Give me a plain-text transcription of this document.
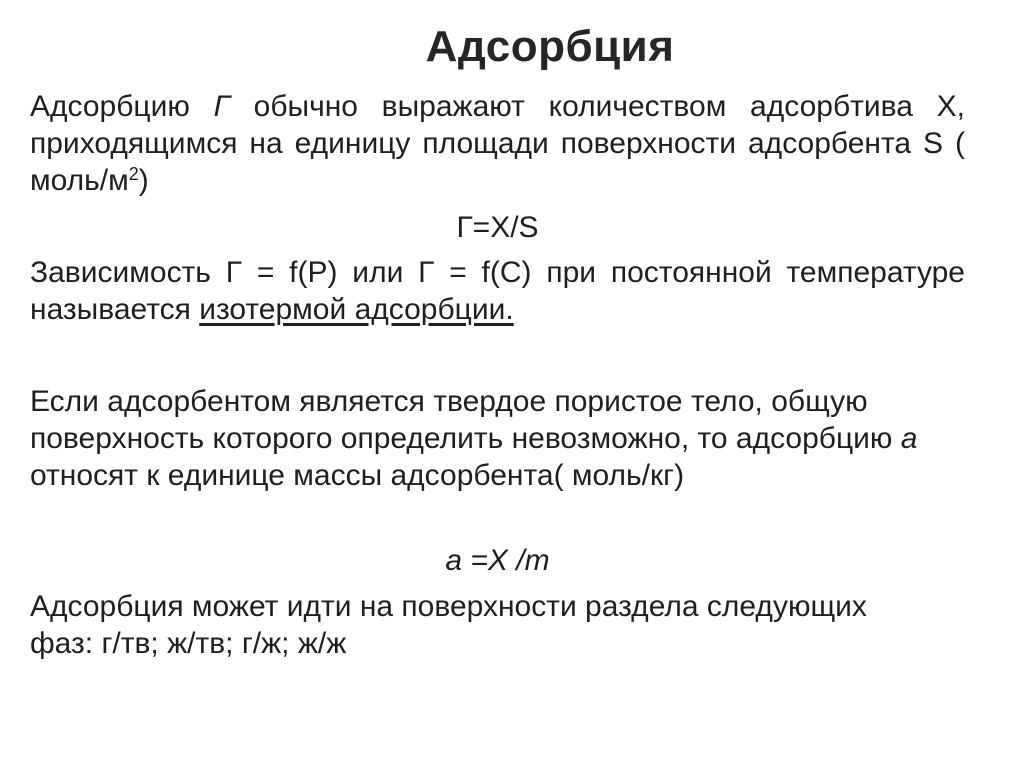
Адсорбция
Адсорбцию Г обычно выражают количеством адсорбтива Х, приходящимся на единицу площади поверхности адсорбента S ( моль/$м^2$)
Г=Х/S
Зависимость Г = f(P) или Г = f(C) при постоянной температуре называется изотермой адсорбции.
Если адсорбентом является твердое пористое тело, общую поверхность которого определить невозможно, то адсорбцию а относят к единице массы адсорбента( моль/кг)
а =Х /m
Адсорбция может идти на поверхности раздела следующих фаз: г/тв; ж/тв; г/ж; ж/ж
